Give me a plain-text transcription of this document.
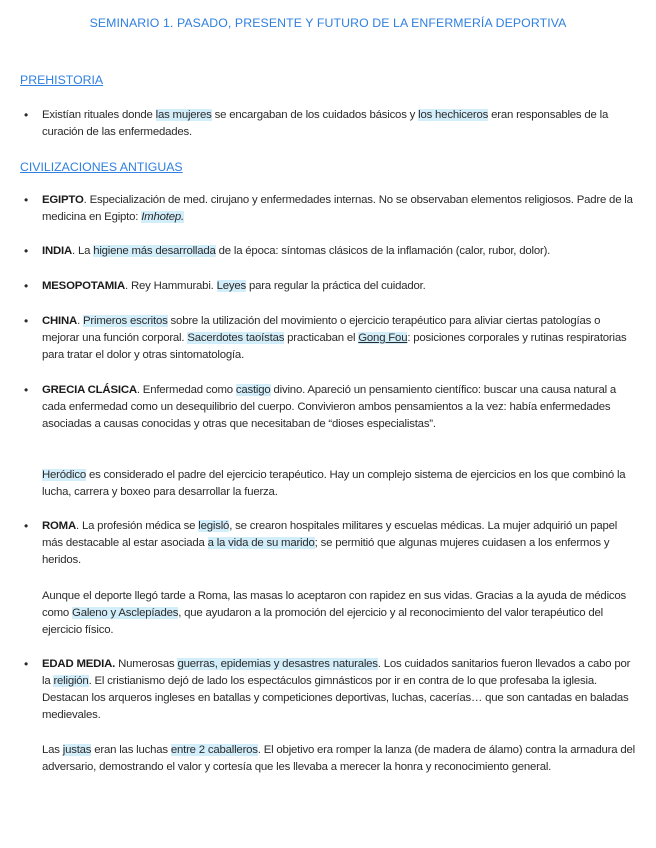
SEMINARIO 1. PASADO, PRESENTE Y FUTURO DE LA ENFERMERÍA DEPORTIVA
PREHISTORIA
• Existían rituales donde las mujeres se encargaban de los cuidados básicos y los hechiceros eran responsables de la curación de las enfermedades.
CIVILIZACIONES ANTIGUAS
• EGIPTO. Especialización de med. cirujano y enfermedades internas. No se observaban elementos religiosos. Padre de la medicina en Egipto: Imhotep.
• INDIA. La higiene más desarrollada de la época: síntomas clásicos de la inflamación (calor, rubor, dolor).
• MESOPOTAMIA. Rey Hammurabi. Leyes para regular la práctica del cuidador.
• CHINA. Primeros escritos sobre la utilización del movimiento o ejercicio terapéutico para aliviar ciertas patologías o mejorar una función corporal. Sacerdotes taoístas practicaban el Gong Fou: posiciones corporales y rutinas respiratorias para tratar el dolor y otras sintomatología.
• GRECIA CLÁSICA. Enfermedad como castigo divino. Apareció un pensamiento científico: buscar una causa natural a cada enfermedad como un desequilibrio del cuerpo. Convivieron ambos pensamientos a la vez: había enfermedades asociadas a causas conocidas y otras que necesitaban de “dioses especialistas”.
Heródico es considerado el padre del ejercicio terapéutico. Hay un complejo sistema de ejercicios en los que combinó la lucha, carrera y boxeo para desarrollar la fuerza.
• ROMA. La profesión médica se legisló, se crearon hospitales militares y escuelas médicas. La mujer adquirió un papel más destacable al estar asociada a la vida de su marido; se permitió que algunas mujeres cuidasen a los enfermos y heridos.
Aunque el deporte llegó tarde a Roma, las masas lo aceptaron con rapidez en sus vidas. Gracias a la ayuda de médicos como Galeno y Asclepíades, que ayudaron a la promoción del ejercicio y al reconocimiento del valor terapéutico del ejercicio físico.
• EDAD MEDIA. Numerosas guerras, epidemias y desastres naturales. Los cuidados sanitarios fueron llevados a cabo por la religión. El cristianismo dejó de lado los espectáculos gimnásticos por ir en contra de lo que profesaba la iglesia. Destacan los arqueros ingleses en batallas y competiciones deportivas, luchas, cacerías… que son cantadas en baladas medievales.
Las justas eran las luchas entre 2 caballeros. El objetivo era romper la lanza (de madera de álamo) contra la armadura del adversario, demostrando el valor y cortesía que les llevaba a merecer la honra y reconocimiento general.
